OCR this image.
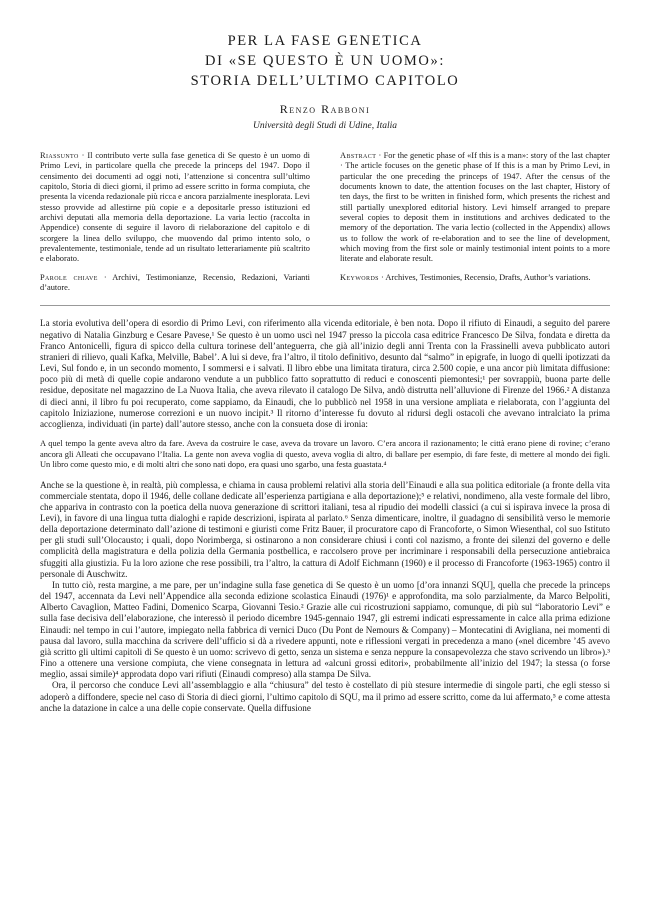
PER LA FASE GENETICA
DI «SE QUESTO È UN UOMO»:
STORIA DELL’ULTIMO CAPITOLO
Renzo Rabboni
Università degli Studi di Udine, Italia
Riassunto · Il contributo verte sulla fase genetica di Se questo è un uomo di Primo Levi, in particolare quella che precede la princeps del 1947. Dopo il censimento dei documenti ad oggi noti, l’attenzione si concentra sull’ultimo capitolo, Storia di dieci giorni, il primo ad essere scritto in forma compiuta, che presenta la vicenda redazionale più ricca e ancora parzialmente inesplorata. Levi stesso provvide ad allestirne più copie e a depositarle presso istituzioni ed archivi deputati alla memoria della deportazione. La varia lectio (raccolta in Appendice) consente di seguire il lavoro di rielaborazione del capitolo e di scorgere la linea dello sviluppo, che muovendo dal primo intento solo, o prevalentemente, testimoniale, tende ad un risultato letterariamente più scaltrito e elaborato.
Parole chiave · Archivi, Testimonianze, Recensio, Redazioni, Varianti d’autore.
Abstract · For the genetic phase of «If this is a man»: story of the last chapter · The article focuses on the genetic phase of If this is a man by Primo Levi, in particular the one preceding the princeps of 1947. After the census of the documents known to date, the attention focuses on the last chapter, History of ten days, the first to be written in finished form, which presents the richest and still partially unexplored editorial history. Levi himself arranged to prepare several copies to deposit them in institutions and archives dedicated to the memory of the deportation. The varia lectio (collected in the Appendix) allows us to follow the work of re-elaboration and to see the line of development, which moving from the first sole or mainly testimonial intent points to a more literate and elaborate result.
Keywords · Archives, Testimonies, Recensio, Drafts, Author’s variations.

La storia evolutiva dell’opera di esordio di Primo Levi, con riferimento alla vicenda editoriale, è ben nota. Dopo il rifiuto di Einaudi, a seguito del parere negativo di Natalia Ginzburg e Cesare Pavese,¹ Se questo è un uomo uscì nel 1947 presso la piccola casa editrice Francesco De Silva, fondata e diretta da Franco Antonicelli, figura di spicco della cultura torinese dell’anteguerra, che già all’inizio degli anni Trenta con la Frassinelli aveva pubblicato autori stranieri di rilievo, quali Kafka, Melville, Babel’. A lui si deve, fra l’altro, il titolo definitivo, desunto dal “salmo” in epigrafe, in luogo di quelli ipotizzati da Levi, Sul fondo e, in un secondo momento, I sommersi e i salvati. Il libro ebbe una limitata tiratura, circa 2.500 copie, e una ancor più limitata diffusione: poco più di metà di quelle copie andarono vendute a un pubblico fatto soprattutto di reduci e conoscenti piemontesi;¹ per sovrappiù, buona parte delle residue, depositate nel magazzino de La Nuova Italia, che aveva rilevato il catalogo De Silva, andò distrutta nell’alluvione di Firenze del 1966.² A distanza di dieci anni, il libro fu poi recuperato, come sappiamo, da Einaudi, che lo pubblicò nel 1958 in una versione ampliata e rielaborata, con l’aggiunta del capitolo Iniziazione, numerose correzioni e un nuovo incipit.³ Il ritorno d’interesse fu dovuto al ridursi degli ostacoli che avevano intralciato la prima accoglienza, individuati (in parte) dall’autore stesso, anche con la consueta dose di ironia:

A quel tempo la gente aveva altro da fare. Aveva da costruire le case, aveva da trovare un lavoro. C’era ancora il razionamento; le città erano piene di rovine; c’erano ancora gli Alleati che occupavano l’Italia. La gente non aveva voglia di questo, aveva voglia di altro, di ballare per esempio, di fare feste, di mettere al mondo dei figli. Un libro come questo mio, e di molti altri che sono nati dopo, era quasi uno sgarbo, una festa guastata.⁴

Anche se la questione è, in realtà, più complessa, e chiama in causa problemi relativi alla storia dell’Einaudi e alla sua politica editoriale (a fronte della vita commerciale stentata, dopo il 1946, delle collane dedicate all’esperienza partigiana e alla deportazione);⁵ e relativi, nondimeno, alla veste formale del libro, che appariva in contrasto con la poetica della nuova generazione di scrittori italiani, tesa al ripudio dei modelli classici (a cui si ispirava invece la prosa di Levi), in favore di una lingua tutta dialoghi e rapide descrizioni, ispirata al parlato.⁶ Senza dimenticare, inoltre, il guadagno di sensibilità verso le memorie della deportazione determinato dall’azione di testimoni e giuristi come Fritz Bauer, il procuratore capo di Francoforte, o Simon Wiesenthal, col suo Istituto per gli studi sull’Olocausto; i quali, dopo Norimberga, si ostinarono a non considerare chiusi i conti col nazismo, a fronte dei silenzi del governo e delle complicità della magistratura e della polizia della Germania postbellica, e raccolsero prove per incriminare i responsabili della persecuzione antiebraica sfuggiti alla giustizia. Fu la loro azione che rese possibili, tra l’altro, la cattura di Adolf Eichmann (1960) e il processo di Francoforte (1963-1965) contro il personale di Auschwitz.

In tutto ciò, resta margine, a me pare, per un’indagine sulla fase genetica di Se questo è un uomo [d’ora innanzi SQU], quella che precede la princeps del 1947, accennata da Levi nell’Appendice alla seconda edizione scolastica Einaudi (1976)¹ e approfondita, ma solo parzialmente, da Marco Belpoliti, Alberto Cavaglion, Matteo Fadini, Domenico Scarpa, Giovanni Tesio.² Grazie alle cui ricostruzioni sappiamo, comunque, di più sul “laboratorio Levi” e sulla fase decisiva dell’elaborazione, che interessò il periodo dicembre 1945-gennaio 1947, gli estremi indicati espressamente in calce alla prima edizione Einaudi: nel tempo in cui l’autore, impiegato nella fabbrica di vernici Duco (Du Pont de Nemours & Company) – Montecatini di Avigliana, nei momenti di pausa dal lavoro, sulla macchina da scrivere dell’ufficio si dà a rivedere appunti, note e riflessioni vergati in precedenza a mano («nel dicembre ’45 avevo già scritto gli ultimi capitoli di Se questo è un uomo: scrivevo di getto, senza un sistema e senza neppure la consapevolezza che stavo scrivendo un libro»).³ Fino a ottenere una versione compiuta, che viene consegnata in lettura ad «alcuni grossi editori», probabilmente all’inizio del 1947; la stessa (o forse meglio, assai simile)⁴ approdata dopo vari rifiuti (Einaudi compreso) alla stampa De Silva.

Ora, il percorso che conduce Levi all’assemblaggio e alla “chiusura” del testo è costellato di più stesure intermedie di singole parti, che egli stesso si adoperò a diffondere, specie nel caso di Storia di dieci giorni, l’ultimo capitolo di SQU, ma il primo ad essere scritto, come da lui affermato,⁵ e come attesta anche la datazione in calce a una delle copie conservate. Quella diffusione
